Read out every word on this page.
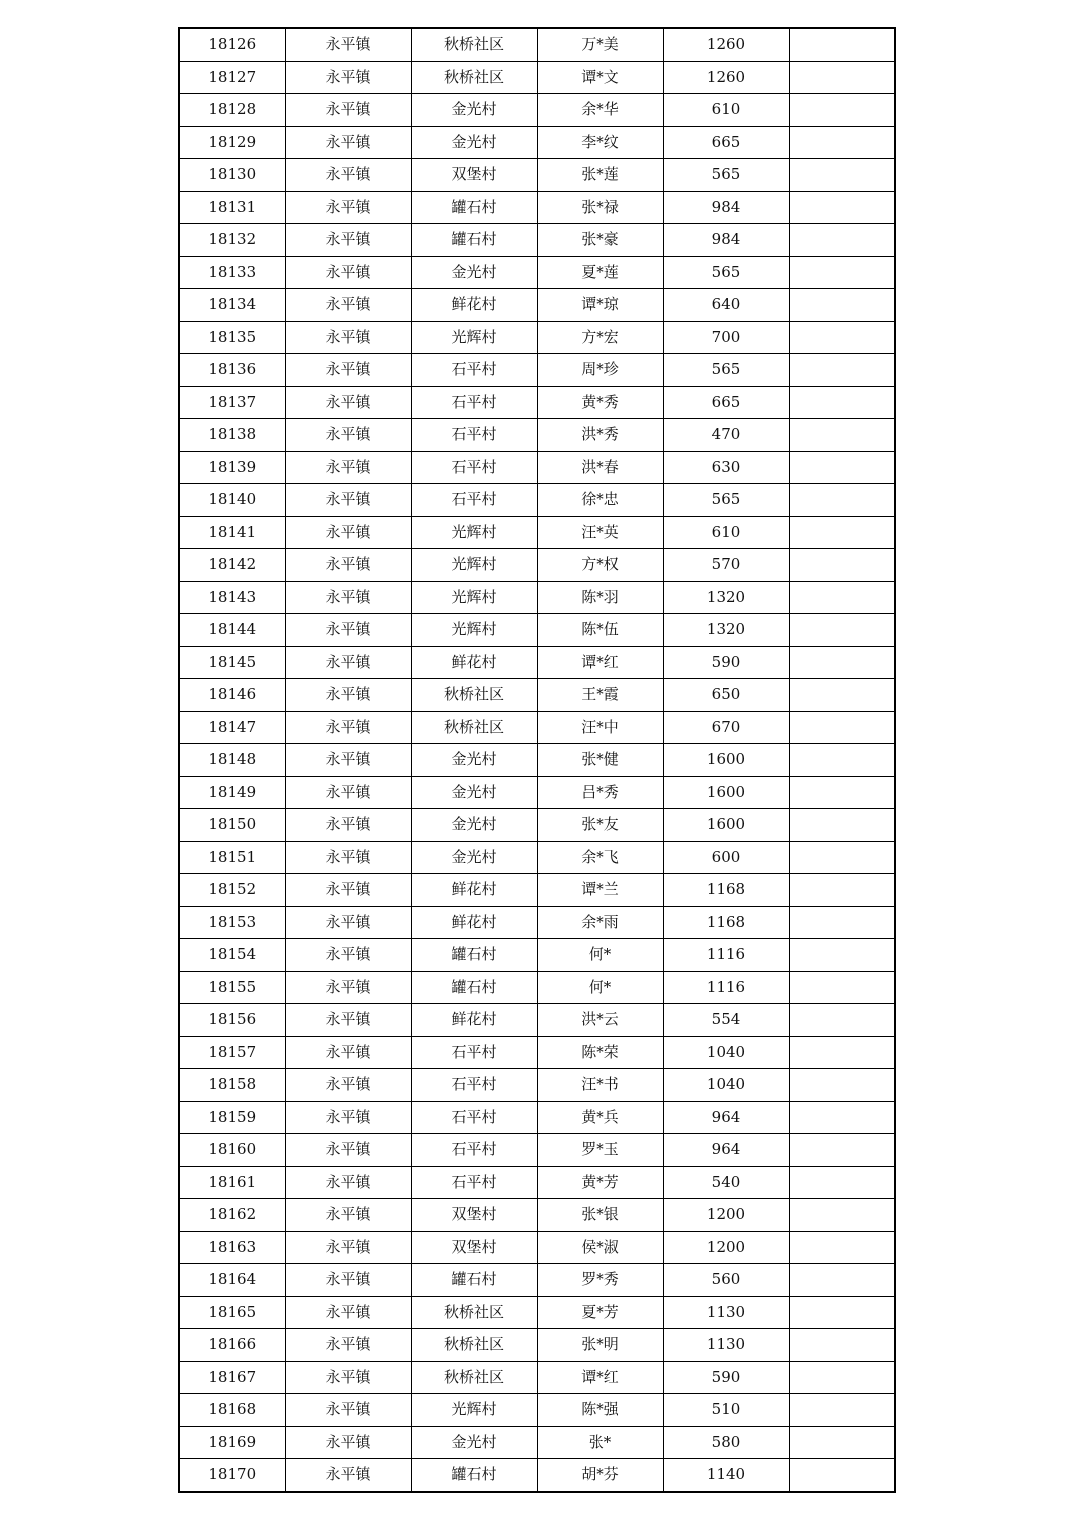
18126	永平镇	秋桥社区	万*美	1260	
18127	永平镇	秋桥社区	谭*文	1260	
18128	永平镇	金光村	余*华	610	
18129	永平镇	金光村	李*纹	665	
18130	永平镇	双堡村	张*莲	565	
18131	永平镇	罐石村	张*禄	984	
18132	永平镇	罐石村	张*豪	984	
18133	永平镇	金光村	夏*莲	565	
18134	永平镇	鲜花村	谭*琼	640	
18135	永平镇	光辉村	方*宏	700	
18136	永平镇	石平村	周*珍	565	
18137	永平镇	石平村	黄*秀	665	
18138	永平镇	石平村	洪*秀	470	
18139	永平镇	石平村	洪*春	630	
18140	永平镇	石平村	徐*忠	565	
18141	永平镇	光辉村	汪*英	610	
18142	永平镇	光辉村	方*权	570	
18143	永平镇	光辉村	陈*羽	1320	
18144	永平镇	光辉村	陈*伍	1320	
18145	永平镇	鲜花村	谭*红	590	
18146	永平镇	秋桥社区	王*霞	650	
18147	永平镇	秋桥社区	汪*中	670	
18148	永平镇	金光村	张*健	1600	
18149	永平镇	金光村	吕*秀	1600	
18150	永平镇	金光村	张*友	1600	
18151	永平镇	金光村	余*飞	600	
18152	永平镇	鲜花村	谭*兰	1168	
18153	永平镇	鲜花村	余*雨	1168	
18154	永平镇	罐石村	何*	1116	
18155	永平镇	罐石村	何*	1116	
18156	永平镇	鲜花村	洪*云	554	
18157	永平镇	石平村	陈*荣	1040	
18158	永平镇	石平村	汪*书	1040	
18159	永平镇	石平村	黄*兵	964	
18160	永平镇	石平村	罗*玉	964	
18161	永平镇	石平村	黄*芳	540	
18162	永平镇	双堡村	张*银	1200	
18163	永平镇	双堡村	侯*淑	1200	
18164	永平镇	罐石村	罗*秀	560	
18165	永平镇	秋桥社区	夏*芳	1130	
18166	永平镇	秋桥社区	张*明	1130	
18167	永平镇	秋桥社区	谭*红	590	
18168	永平镇	光辉村	陈*强	510	
18169	永平镇	金光村	张*	580	
18170	永平镇	罐石村	胡*芬	1140	
